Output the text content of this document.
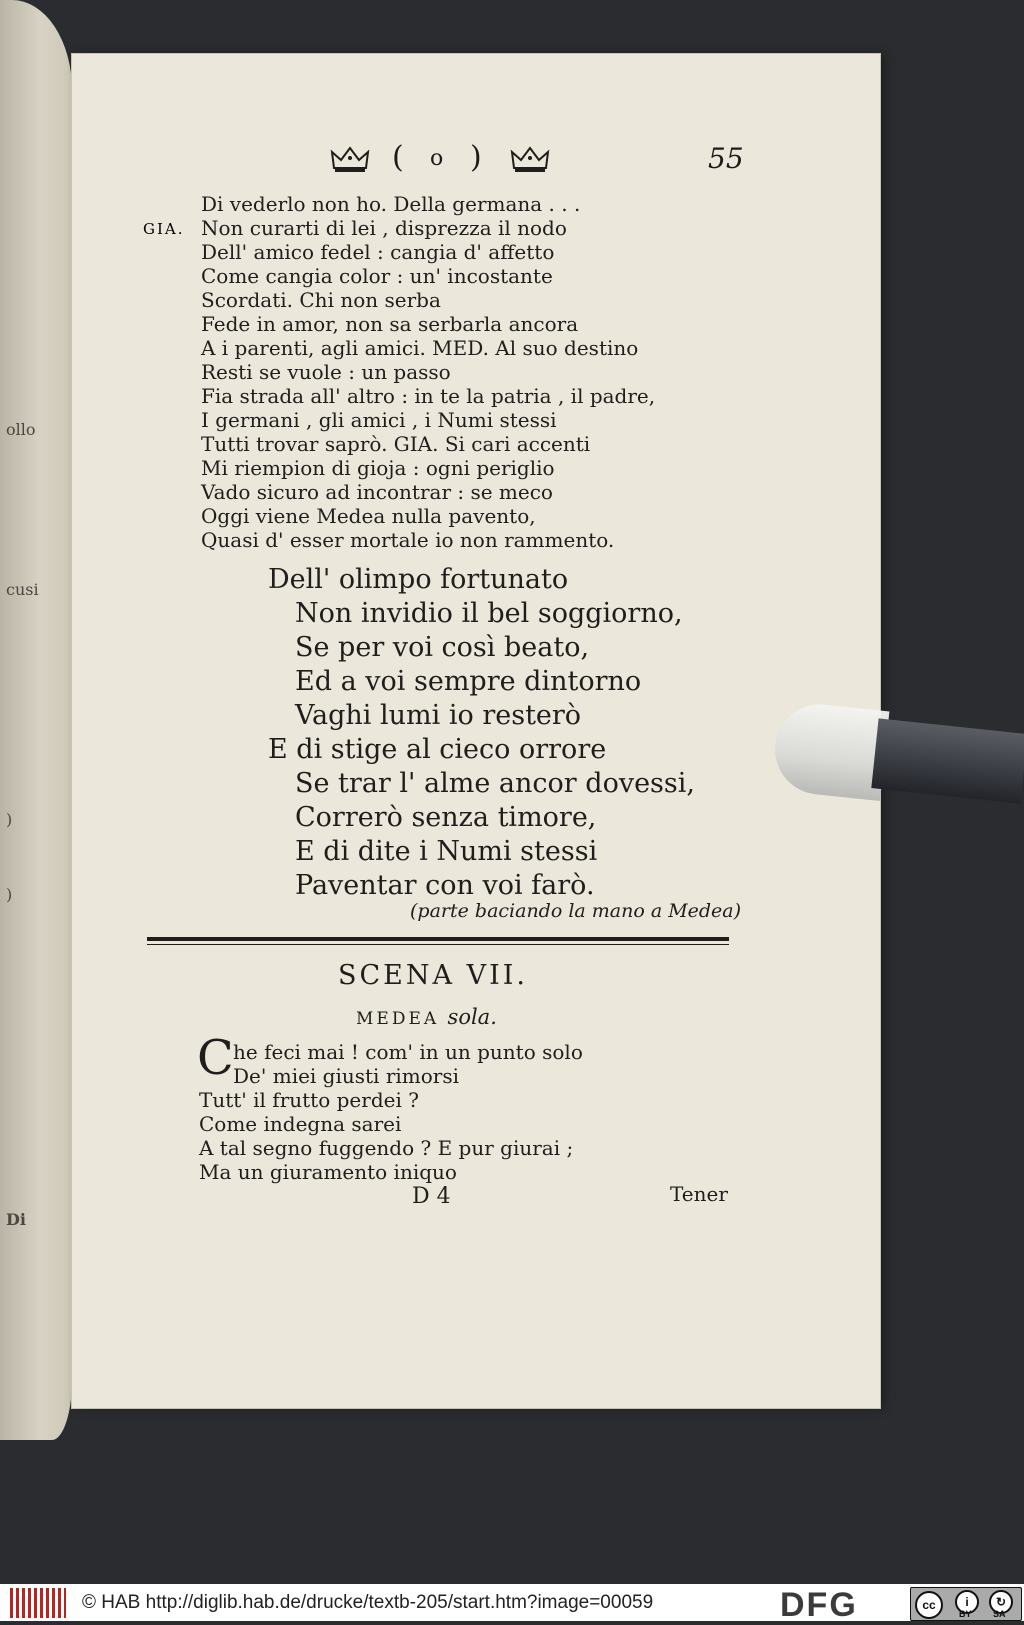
ollo
cusi
)
)
Di
( o )	55
Di vederlo non ho. Della germana . . .
GIA. Non curarti di lei , disprezza il nodo
Dell' amico fedel : cangia d' affetto
Come cangia color : un' incostante
Scordati. Chi non serba
Fede in amor, non sa serbarla ancora
A i parenti, agli amici. MED. Al suo destino
Resti se vuole : un passo
Fia strada all' altro : in te la patria , il padre,
I germani , gli amici , i Numi stessi
Tutti trovar saprò. GIA. Si cari accenti
Mi riempion di gioja : ogni periglio
Vado sicuro ad incontrar : se meco
Oggi viene Medea nulla pavento,
Quasi d' esser mortale io non rammento.
Dell' olimpo fortunato
Non invidio il bel soggiorno,
Se per voi così beato,
Ed a voi sempre dintorno
Vaghi lumi io resterò
E di stige al cieco orrore
Se trar l' alme ancor dovessi,
Correrò senza timore,
E di dite i Numi stessi
Paventar con voi farò.
(parte baciando la mano a Medea)
SCENA VII.
MEDEA sola.
C he feci mai ! com' in un punto solo
De' miei giusti rimorsi
Tutt' il frutto perdei ?
Come indegna sarei
A tal segno fuggendo ? E pur giurai ;
Ma un giuramento iniquo
D 4	Tener
© HAB http://diglib.hab.de/drucke/textb-205/start.htm?image=00059	DFG	cc	i
BY
↻
SA
